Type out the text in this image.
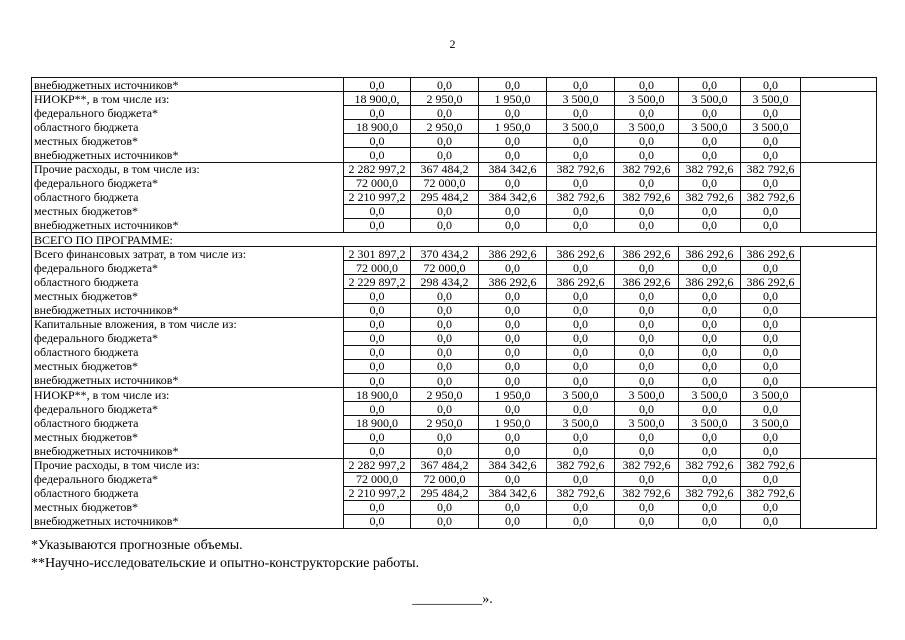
2
внебюджетных источников*	0,0	0,0	0,0	0,0	0,0	0,0	0,0	
НИОКР**, в том числе из:	18 900,0,	2 950,0	1 950,0	3 500,0	3 500,0	3 500,0	3 500,0	
федерального бюджета*	0,0	0,0	0,0	0,0	0,0	0,0	0,0	
областного бюджета	18 900,0	2 950,0	1 950,0	3 500,0	3 500,0	3 500,0	3 500,0	
местных бюджетов*	0,0	0,0	0,0	0,0	0,0	0,0	0,0	
внебюджетных источников*	0,0	0,0	0,0	0,0	0,0	0,0	0,0	
Прочие расходы, в том числе из:	2 282 997,2	367 484,2	384 342,6	382 792,6	382 792,6	382 792,6	382 792,6	
федерального бюджета*	72 000,0	72 000,0	0,0	0,0	0,0	0,0	0,0	
областного бюджета	2 210 997,2	295 484,2	384 342,6	382 792,6	382 792,6	382 792,6	382 792,6	
местных бюджетов*	0,0	0,0	0,0	0,0	0,0	0,0	0,0	
внебюджетных источников*	0,0	0,0	0,0	0,0	0,0	0,0	0,0	
ВСЕГО ПО ПРОГРАММЕ:								
Всего финансовых затрат, в том числе из:	2 301 897,2	370 434,2	386 292,6	386 292,6	386 292,6	386 292,6	386 292,6	
федерального бюджета*	72 000,0	72 000,0	0,0	0,0	0,0	0,0	0,0	
областного бюджета	2 229 897,2	298 434,2	386 292,6	386 292,6	386 292,6	386 292,6	386 292,6	
местных бюджетов*	0,0	0,0	0,0	0,0	0,0	0,0	0,0	
внебюджетных источников*	0,0	0,0	0,0	0,0	0,0	0,0	0,0	
Капитальные вложения, в том числе из:	0,0	0,0	0,0	0,0	0,0	0,0	0,0	
федерального бюджета*	0,0	0,0	0,0	0,0	0,0	0,0	0,0	
областного бюджета	0,0	0,0	0,0	0,0	0,0	0,0	0,0	
местных бюджетов*	0,0	0,0	0,0	0,0	0,0	0,0	0,0	
внебюджетных источников*	0,0	0,0	0,0	0,0	0,0	0,0	0,0	
НИОКР**, в том числе из:	18 900,0	2 950,0	1 950,0	3 500,0	3 500,0	3 500,0	3 500,0	
федерального бюджета*	0,0	0,0	0,0	0,0	0,0	0,0	0,0	
областного бюджета	18 900,0	2 950,0	1 950,0	3 500,0	3 500,0	3 500,0	3 500,0	
местных бюджетов*	0,0	0,0	0,0	0,0	0,0	0,0	0,0	
внебюджетных источников*	0,0	0,0	0,0	0,0	0,0	0,0	0,0	
Прочие расходы, в том числе из:	2 282 997,2	367 484,2	384 342,6	382 792,6	382 792,6	382 792,6	382 792,6	
федерального бюджета*	72 000,0	72 000,0	0,0	0,0	0,0	0,0	0,0	
областного бюджета	2 210 997,2	295 484,2	384 342,6	382 792,6	382 792,6	382 792,6	382 792,6	
местных бюджетов*	0,0	0,0	0,0	0,0	0,0	0,0	0,0	
внебюджетных источников*	0,0	0,0	0,0	0,0	0,0	0,0	0,0	
*Указываются прогнозные объемы.
**Научно-исследовательские и опытно-конструкторские работы.
__________».
